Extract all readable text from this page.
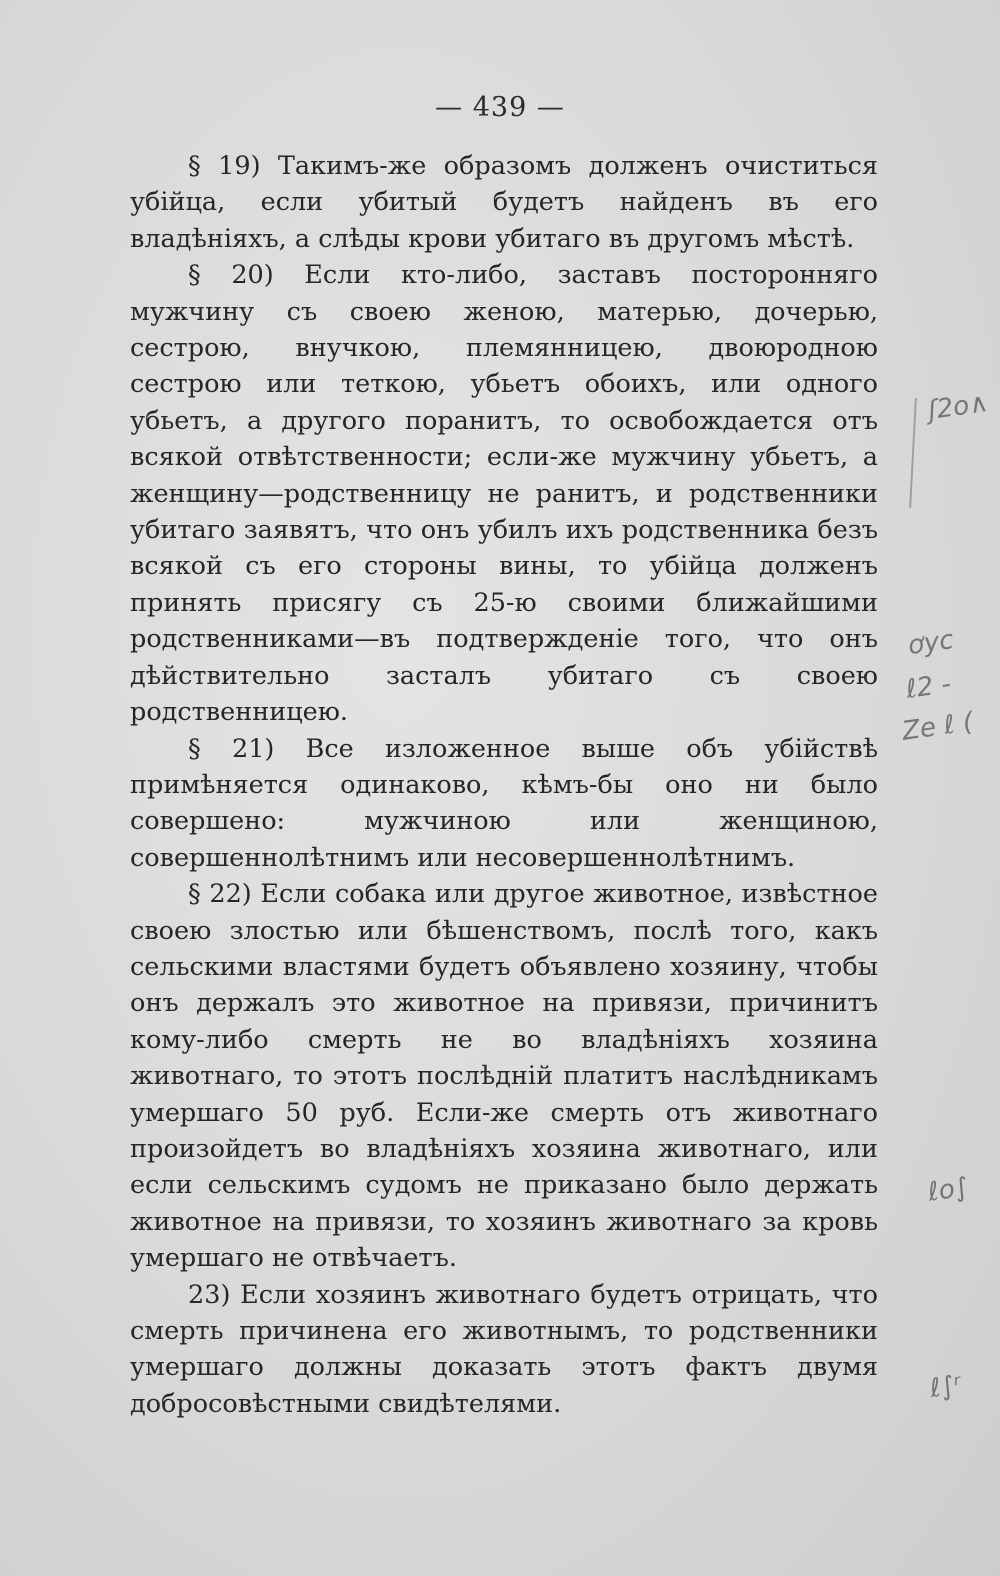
— 439 —

§ 19) Такимъ-же образомъ долженъ очиститься убійца, если убитый будетъ найденъ въ его владѣніяхъ, а слѣды крови убитаго въ другомъ мѣстѣ.

§ 20) Если кто-либо, заставъ посторонняго мужчину съ своею женою, матерью, дочерью, сестрою, внучкою, племянницею, двоюродною сестрою или теткою, убьетъ обоихъ, или одного убьетъ, а другого поранитъ, то освобождается отъ всякой отвѣтственности; если-же мужчину убьетъ, а женщину—родственницу не ранитъ, и родственники убитаго заявятъ, что онъ убилъ ихъ родственника безъ всякой съ его стороны вины, то убійца долженъ принять присягу съ 25-ю своими ближайшими родственниками—въ подтвержденіе того, что онъ дѣйствительно засталъ убитаго съ своею родственницею.

§ 21) Все изложенное выше объ убійствѣ примѣняется одинаково, кѣмъ-бы оно ни было совершено: мужчиною или женщиною, совершеннолѣтнимъ или несовершеннолѣтнимъ.

§ 22) Если собака или другое животное, извѣстное своею злостью или бѣшенствомъ, послѣ того, какъ сельскими властями будетъ объявлено хозяину, чтобы онъ держалъ это животное на привязи, причинитъ кому-либо смерть не во владѣніяхъ хозяина животнаго, то этотъ послѣдній платитъ наслѣдникамъ умершаго 50 руб. Если-же смерть отъ животнаго произойдетъ во владѣніяхъ хозяина животнаго, или если сельскимъ судомъ не приказано было держать животное на привязи, то хозяинъ животнаго за кровь умершаго не отвѣчаетъ.

23) Если хозяинъ животнаго будетъ отрицать, что смерть причинена его животнымъ, то родственники умершаго должны доказать этотъ фактъ двумя добросовѣстными свидѣтелями.

ʃ2o∧
ơyc
ℓ2 -
Ze ℓ (
ℓo∫
ℓ∫ʳ
